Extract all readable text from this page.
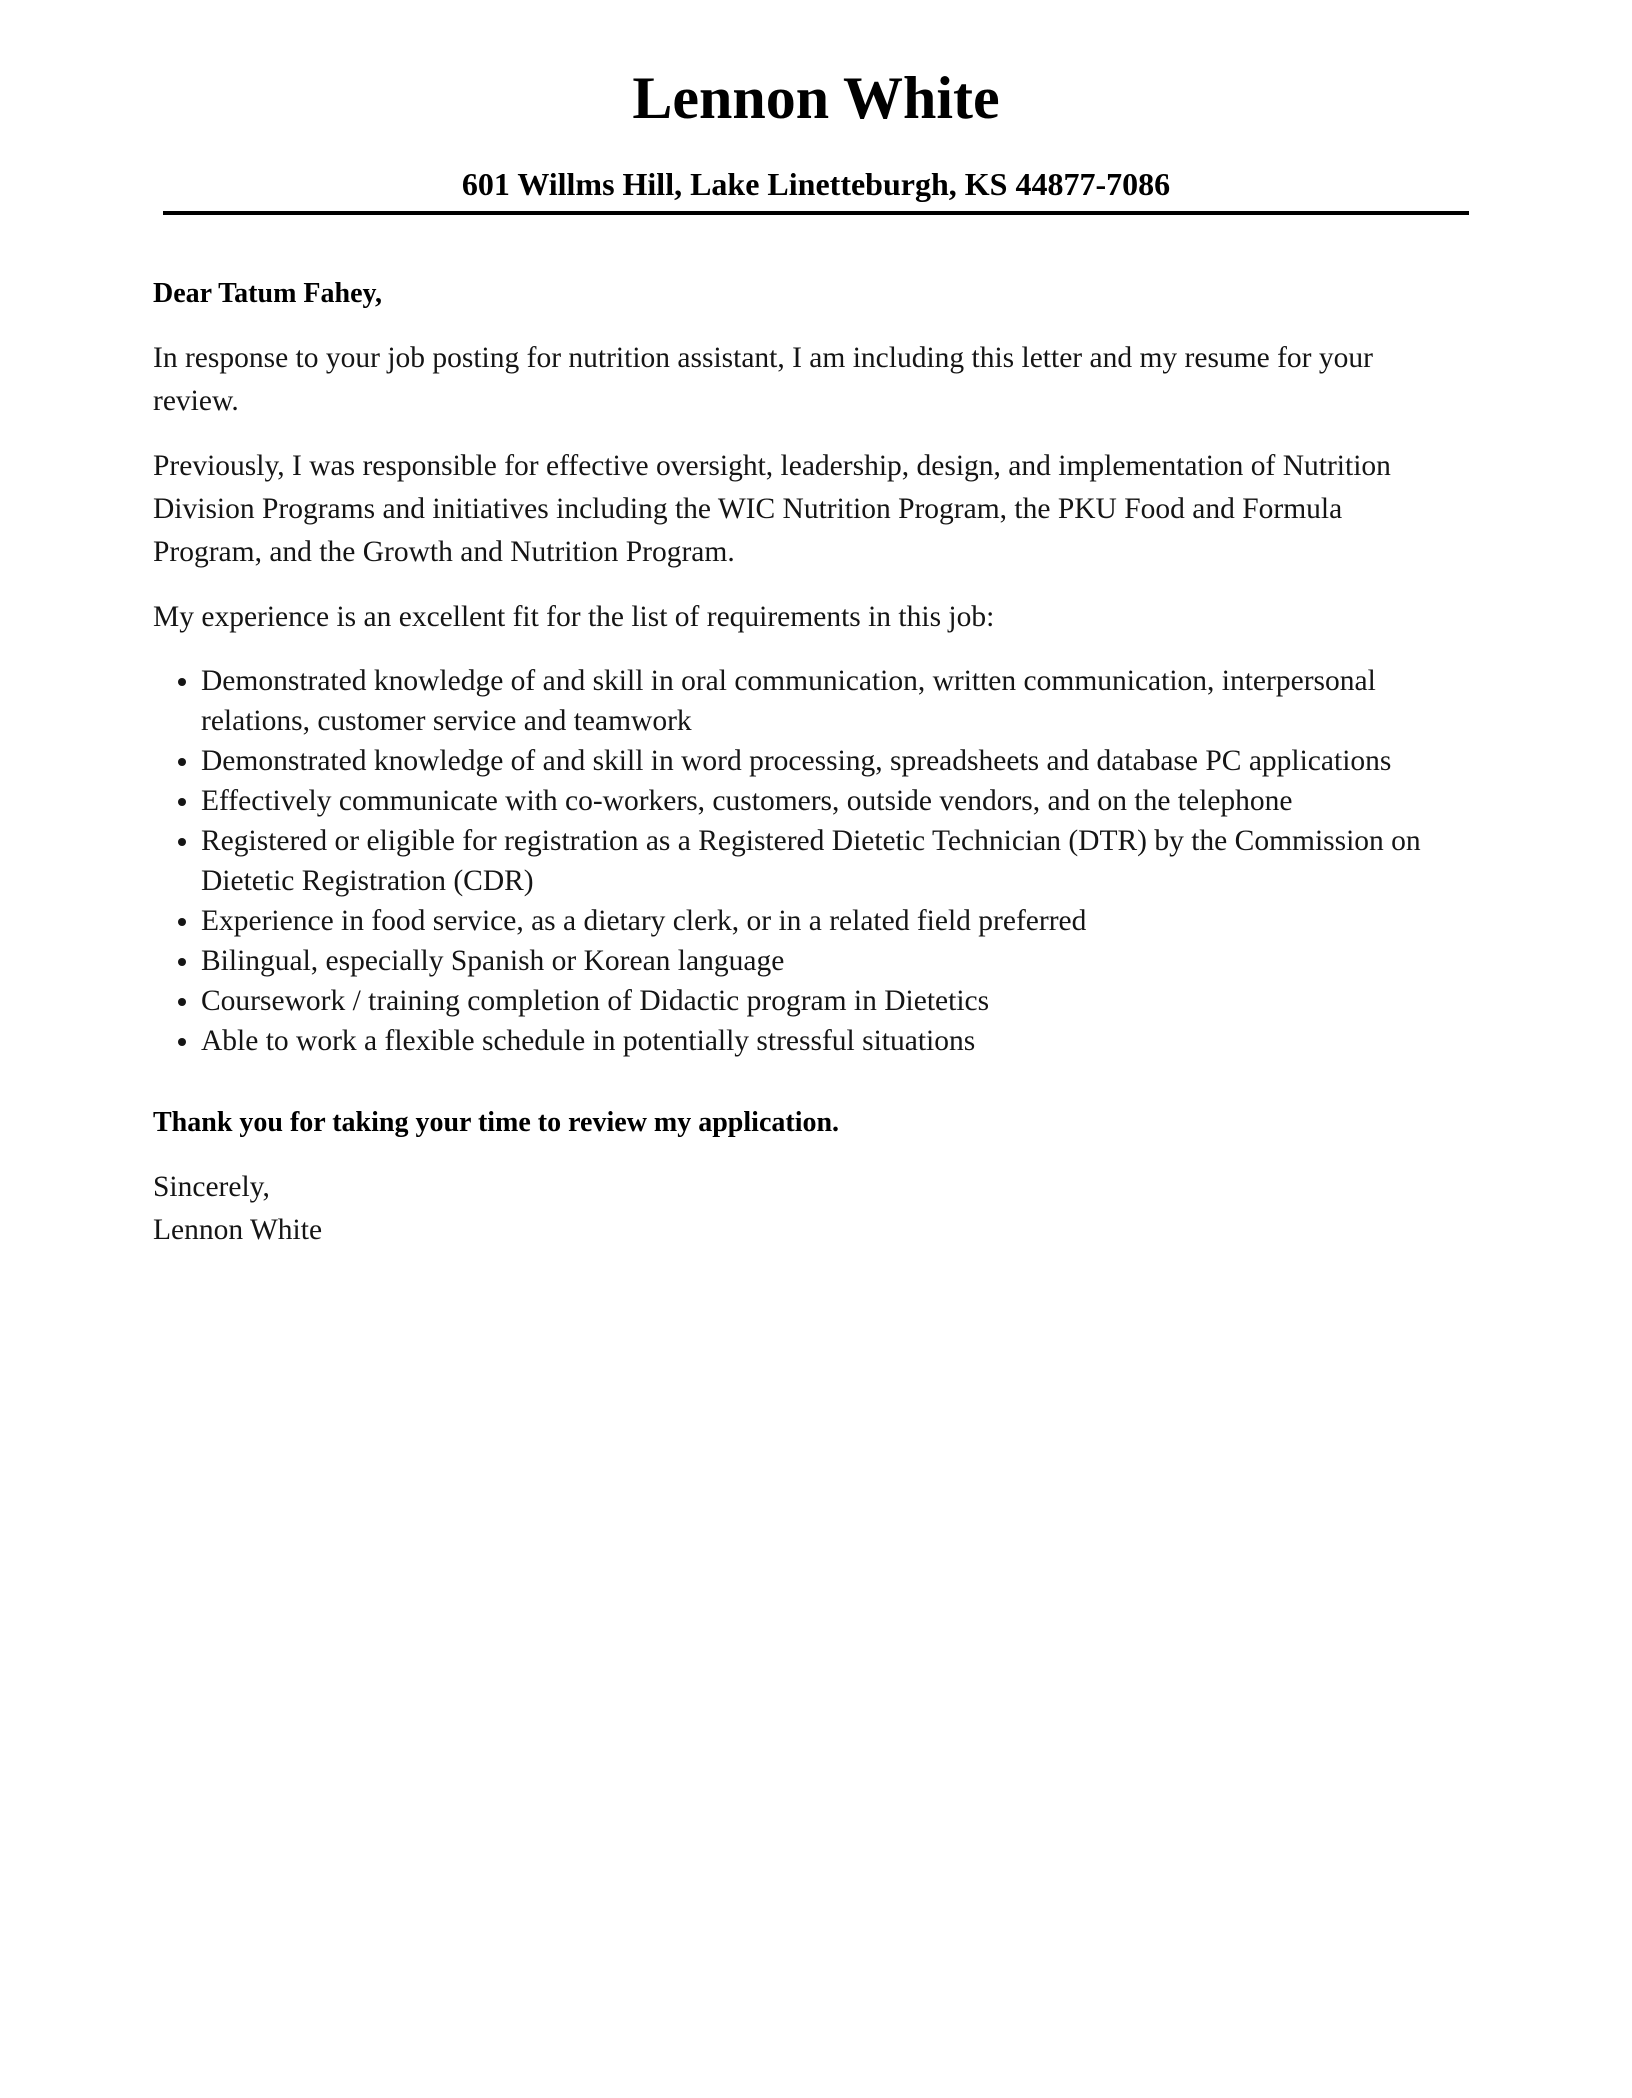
Lennon White
601 Willms Hill, Lake Linetteburgh, KS 44877-7086

Dear Tatum Fahey,

In response to your job posting for nutrition assistant, I am including this letter and my resume for your review.

Previously, I was responsible for effective oversight, leadership, design, and implementation of Nutrition Division Programs and initiatives including the WIC Nutrition Program, the PKU Food and Formula Program, and the Growth and Nutrition Program.

My experience is an excellent fit for the list of requirements in this job:

• Demonstrated knowledge of and skill in oral communication, written communication, interpersonal relations, customer service and teamwork
• Demonstrated knowledge of and skill in word processing, spreadsheets and database PC applications
• Effectively communicate with co-workers, customers, outside vendors, and on the telephone
• Registered or eligible for registration as a Registered Dietetic Technician (DTR) by the Commission on Dietetic Registration (CDR)
• Experience in food service, as a dietary clerk, or in a related field preferred
• Bilingual, especially Spanish or Korean language
• Coursework / training completion of Didactic program in Dietetics
• Able to work a flexible schedule in potentially stressful situations

Thank you for taking your time to review my application.

Sincerely,

Lennon White
